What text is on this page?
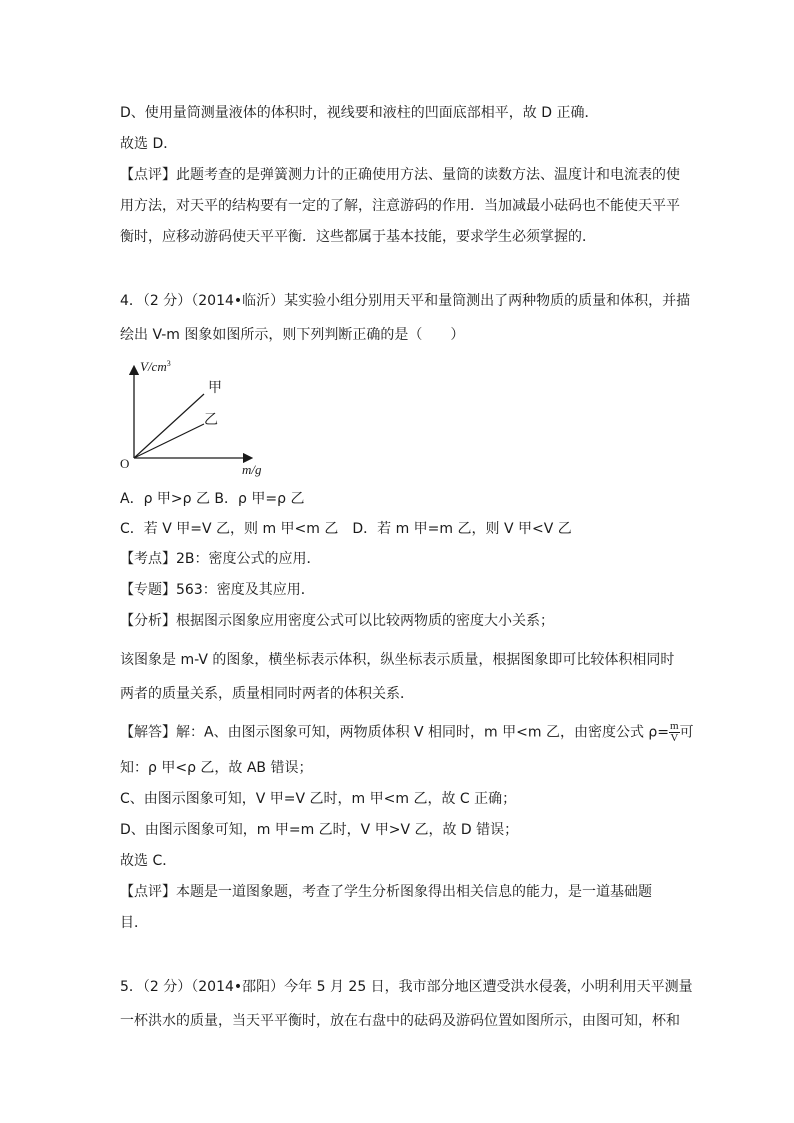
D、使用量筒测量液体的体积时，视线要和液柱的凹面底部相平，故 D 正确．
故选 D．
【点评】此题考查的是弹簧测力计的正确使用方法、量筒的读数方法、温度计和电流表的使
用方法，对天平的结构要有一定的了解，注意游码的作用．当加减最小砝码也不能使天平平
衡时，应移动游码使天平平衡．这些都属于基本技能，要求学生必须掌握的．
4．（2 分）（2014•临沂）某实验小组分别用天平和量筒测出了两种物质的质量和体积，并描
绘出 V-m 图象如图所示，则下列判断正确的是（　　）
$V/cm^3$
O	m/g
甲
乙
A．ρ 甲>ρ 乙 B．ρ 甲=ρ 乙
C．若 V 甲=V 乙，则 m 甲<m 乙　D．若 m 甲=m 乙，则 V 甲<V 乙
【考点】2B：密度公式的应用．
【专题】563：密度及其应用．
【分析】根据图示图象应用密度公式可以比较两物质的密度大小关系；
该图象是 m-V 的图象，横坐标表示体积，纵坐标表示质量，根据图象即可比较体积相同时
两者的质量关系，质量相同时两者的体积关系．
【解答】解：A、由图示图象可知，两物质体积 V 相同时，m 甲<m 乙，由密度公式 $\rho= \frac{m}{V}$ 可
知：ρ 甲<ρ 乙，故 AB 错误；
C、由图示图象可知，V 甲=V 乙时，m 甲<m 乙，故 C 正确；
D、由图示图象可知，m 甲=m 乙时，V 甲>V 乙，故 D 错误；
故选 C．
【点评】本题是一道图象题，考查了学生分析图象得出相关信息的能力，是一道基础题
目．
5．（2 分）（2014•邵阳）今年 5 月 25 日，我市部分地区遭受洪水侵袭，小明利用天平测量
一杯洪水的质量，当天平平衡时，放在右盘中的砝码及游码位置如图所示，由图可知，杯和
